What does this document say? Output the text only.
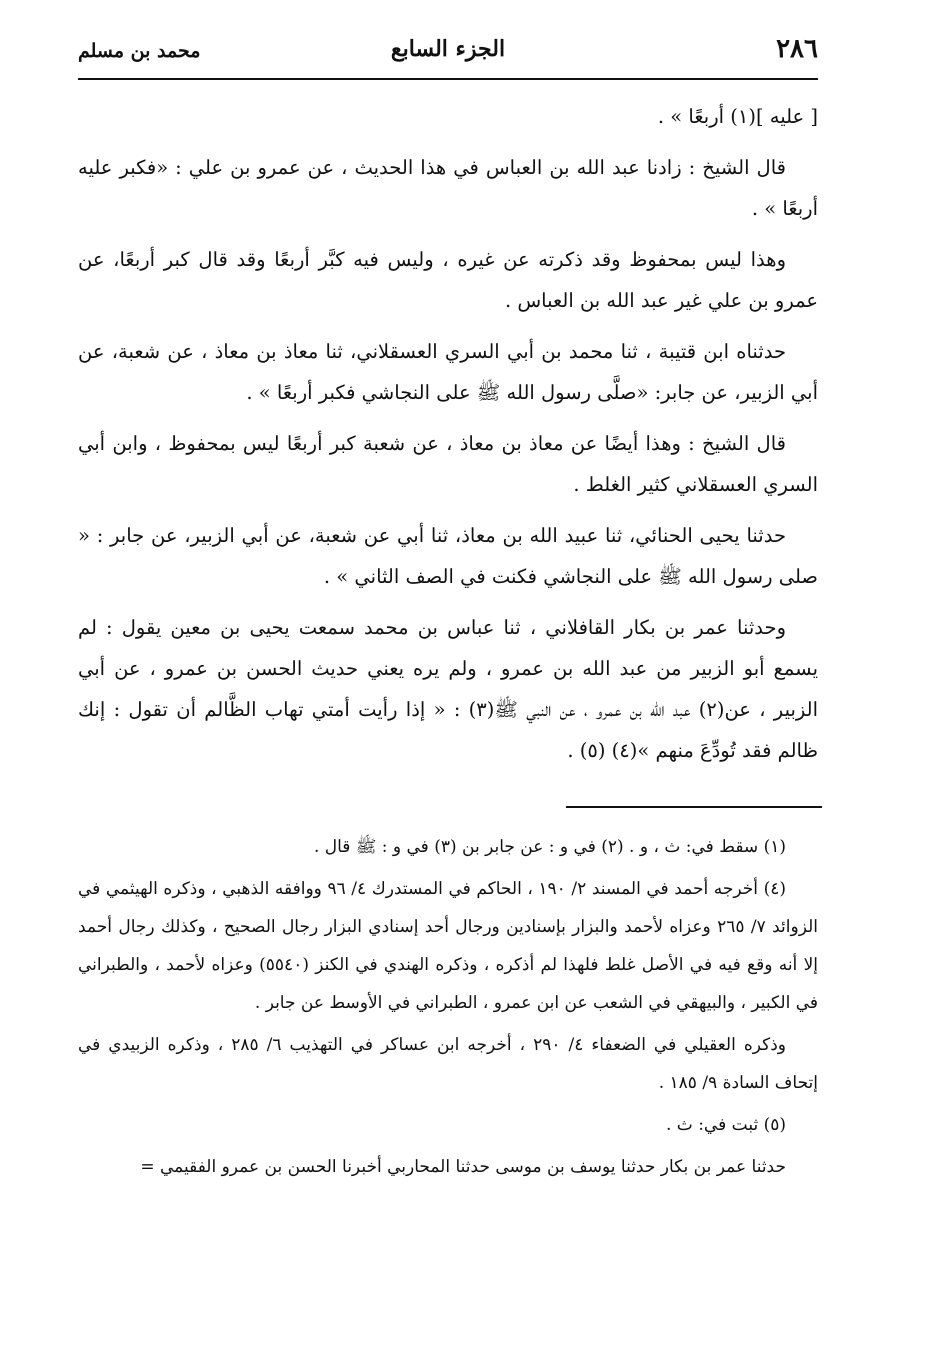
٢٨٦
الجزء السابع
محمد بن مسلم

[ عليه ](١) أربعًا » .

قال الشيخ : زادنا عبد الله بن العباس في هذا الحديث ، عن عمرو بن علي : «فكبر عليه أربعًا » .

وهذا ليس بمحفوظ وقد ذكرته عن غيره ، وليس فيه كبَّر أربعًا وقد قال كبر أربعًا، عن عمرو بن علي غير عبد الله بن العباس .

حدثناه ابن قتيبة ، ثنا محمد بن أبي السري العسقلاني، ثنا معاذ بن معاذ ، عن شعبة، عن أبي الزبير، عن جابر: «صلَّى رسول الله ﷺ على النجاشي فكبر أربعًا » .

قال الشيخ : وهذا أيضًا عن معاذ بن معاذ ، عن شعبة كبر أربعًا ليس بمحفوظ ، وابن أبي السري العسقلاني كثير الغلط .

حدثنا يحيى الحنائي، ثنا عبيد الله بن معاذ، ثنا أبي عن شعبة، عن أبي الزبير، عن جابر : « صلى رسول الله ﷺ على النجاشي فكنت في الصف الثاني » .

وحدثنا عمر بن بكار القافلاني ، ثنا عباس بن محمد سمعت يحيى بن معين يقول : لم يسمع أبو الزبير من عبد الله بن عمرو ، ولم يره يعني حديث الحسن بن عمرو ، عن أبي الزبير ، عن(٢) عبد الله بن عمرو ، عن النبي ﷺ(٣) : « إذا رأيت أمتي تهاب الظَّالم أن تقول : إنك ظالم فقد تُودِّعَ منهم »(٤) (٥) .

(١) سقط في: ث ، و . (٢) في و : عن جابر بن (٣) في و : ﷺ قال .

(٤) أخرجه أحمد في المسند ٢/ ١٩٠ ، الحاكم في المستدرك ٤/ ٩٦ ووافقه الذهبي ، وذكره الهيثمي في الزوائد ٧/ ٢٦٥ وعزاه لأحمد والبزار بإسنادين ورجال أحد إسنادي البزار رجال الصحيح ، وكذلك رجال أحمد إلا أنه وقع فيه في الأصل غلط فلهذا لم أذكره ، وذكره الهندي في الكنز (٥٥٤٠) وعزاه لأحمد ، والطبراني في الكبير ، والبيهقي في الشعب عن ابن عمرو ، الطبراني في الأوسط عن جابر .

وذكره العقيلي في الضعفاء ٤/ ٢٩٠ ، أخرجه ابن عساكر في التهذيب ٦/ ٢٨٥ ، وذكره الزبيدي في إتحاف السادة ٩/ ١٨٥ .

(٥) ثبت في: ث .

حدثنا عمر بن بكار حدثنا يوسف بن موسى حدثنا المحاربي أخبرنا الحسن بن عمرو الفقيمي =
